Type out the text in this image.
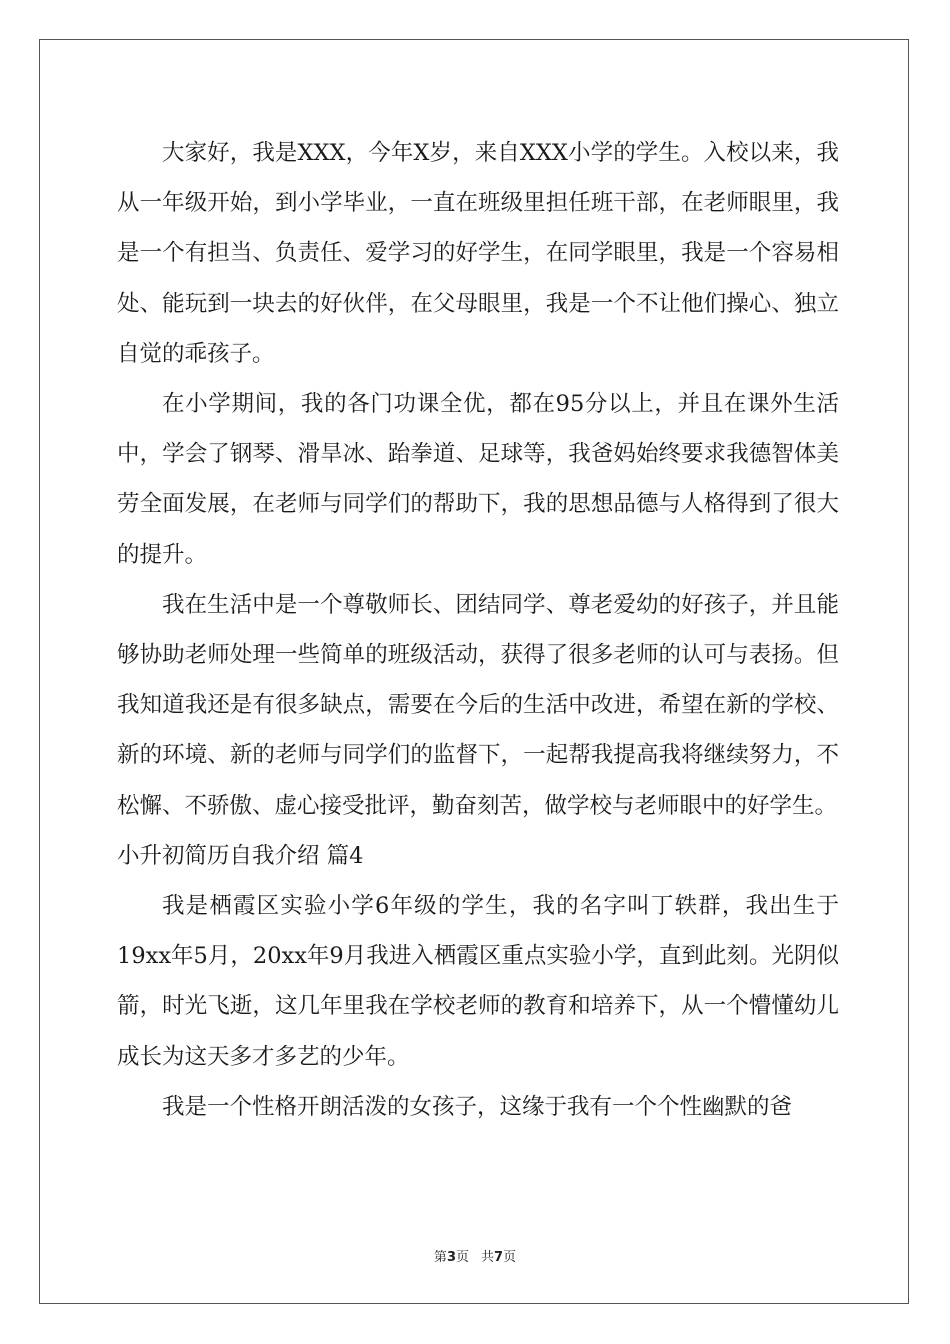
大家好，我是XXX，今年X岁，来自XXX小学的学生。入校以来，我从一年级开始，到小学毕业，一直在班级里担任班干部，在老师眼里，我是一个有担当、负责任、爱学习的好学生，在同学眼里，我是一个容易相处、能玩到一块去的好伙伴，在父母眼里，我是一个不让他们操心、独立自觉的乖孩子。

在小学期间，我的各门功课全优，都在95分以上，并且在课外生活中，学会了钢琴、滑旱冰、跆拳道、足球等，我爸妈始终要求我德智体美劳全面发展，在老师与同学们的帮助下，我的思想品德与人格得到了很大的提升。

我在生活中是一个尊敬师长、团结同学、尊老爱幼的好孩子，并且能够协助老师处理一些简单的班级活动，获得了很多老师的认可与表扬。但我知道我还是有很多缺点，需要在今后的生活中改进，希望在新的学校、新的环境、新的老师与同学们的监督下，一起帮我提高我将继续努力，不松懈、不骄傲、虚心接受批评，勤奋刻苦，做学校与老师眼中的好学生。

小升初简历自我介绍 篇4

我是栖霞区实验小学6年级的学生，我的名字叫丁轶群，我出生于19xx年5月，20xx年9月我进入栖霞区重点实验小学，直到此刻。光阴似箭，时光飞逝，这几年里我在学校老师的教育和培养下，从一个懵懂幼儿成长为这天多才多艺的少年。

我是一个性格开朗活泼的女孩子，这缘于我有一个个性幽默的爸

第3页 共7页
